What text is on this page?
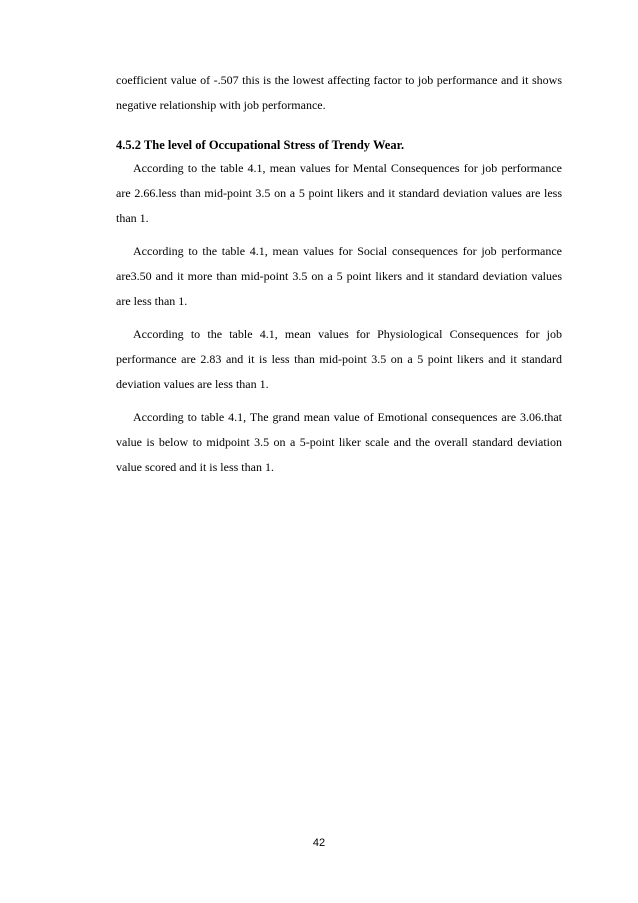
coefficient value of -.507 this is the lowest affecting factor to job performance and it shows negative relationship with job performance.

4.5.2 The level of Occupational Stress of Trendy Wear.

According to the table 4.1, mean values for Mental Consequences for job performance are 2.66.less than mid-point 3.5 on a 5 point likers and it standard deviation values are less than 1.

According to the table 4.1, mean values for Social consequences for job performance are3.50 and it more than mid-point 3.5 on a 5 point likers and it standard deviation values are less than 1.

According to the table 4.1, mean values for Physiological Consequences for job performance are 2.83 and it is less than mid-point 3.5 on a 5 point likers and it standard deviation values are less than 1.

According to table 4.1, The grand mean value of Emotional consequences are 3.06.that value is below to midpoint 3.5 on a 5-point liker scale and the overall standard deviation value scored and it is less than 1.

42
